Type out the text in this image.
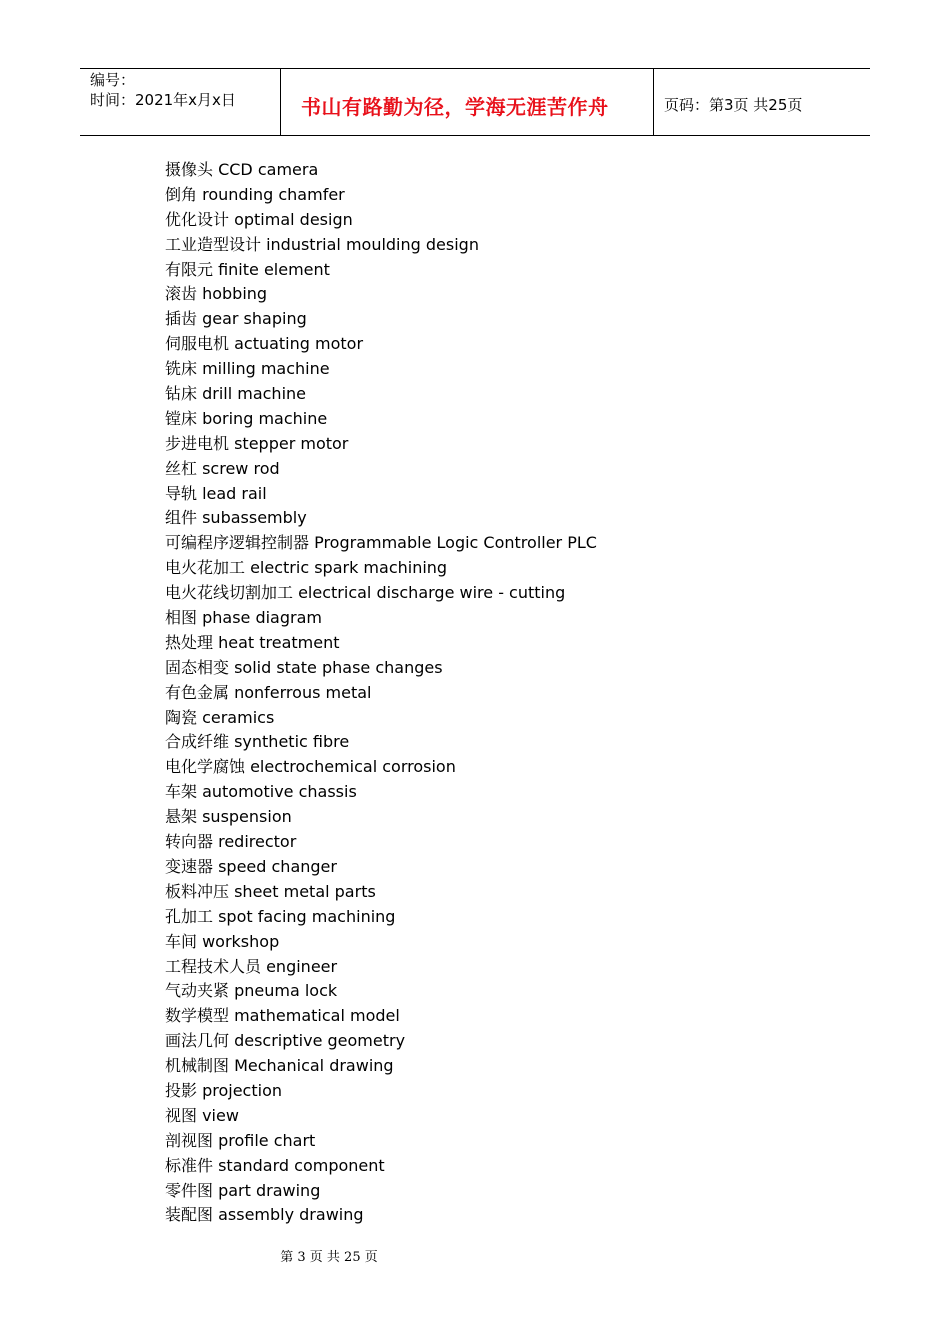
编号：
时间：2021年x月x日	书山有路勤为径，学海无涯苦作舟	页码：第3页 共25页
摄像头 CCD camera
倒角 rounding chamfer
优化设计 optimal design
工业造型设计 industrial moulding design
有限元 finite element
滚齿 hobbing
插齿 gear shaping
伺服电机 actuating motor
铣床 milling machine
钻床 drill machine
镗床 boring machine
步进电机 stepper motor
丝杠 screw rod
导轨 lead rail
组件 subassembly
可编程序逻辑控制器 Programmable Logic Controller PLC
电火花加工 electric spark machining
电火花线切割加工 electrical discharge wire - cutting
相图 phase diagram
热处理 heat treatment
固态相变 solid state phase changes
有色金属 nonferrous metal
陶瓷 ceramics
合成纤维 synthetic fibre
电化学腐蚀 electrochemical corrosion
车架 automotive chassis
悬架 suspension
转向器 redirector
变速器 speed changer
板料冲压 sheet metal parts
孔加工 spot facing machining
车间 workshop
工程技术人员 engineer
气动夹紧 pneuma lock
数学模型 mathematical model
画法几何 descriptive geometry
机械制图 Mechanical drawing
投影 projection
视图 view
剖视图 profile chart
标准件 standard component
零件图 part drawing
装配图 assembly drawing
第 3 页 共 25 页
